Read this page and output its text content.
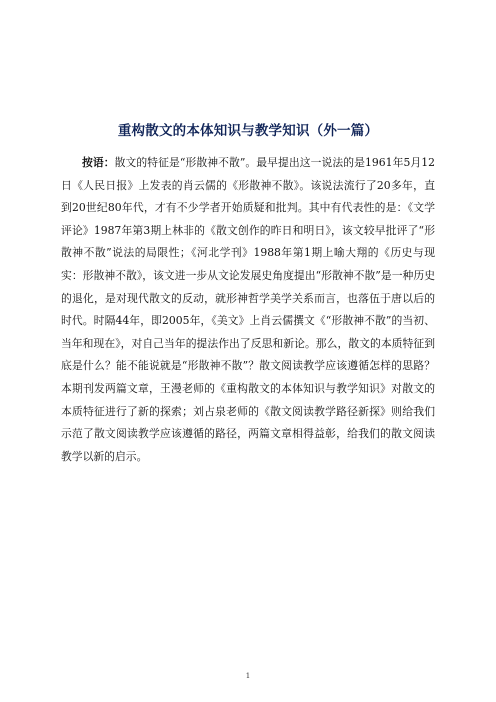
重构散文的本体知识与教学知识（外一篇）

按语：散文的特征是“形散神不散”。最早提出这一说法的是1961年5月12日《人民日报》上发表的肖云儒的《形散神不散》。该说法流行了20多年，直到20世纪80年代，才有不少学者开始质疑和批判。其中有代表性的是：《文学评论》1987年第3期上林非的《散文创作的昨日和明日》，该文较早批评了“形散神不散”说法的局限性；《河北学刊》1988年第1期上喻大翔的《历史与现实：形散神不散》，该文进一步从文论发展史角度提出“形散神不散”是一种历史的退化，是对现代散文的反动，就形神哲学美学关系而言，也落伍于唐以后的时代。时隔44年，即2005年，《美文》上肖云儒撰文《“形散神不散”的当初、当年和现在》，对自己当年的提法作出了反思和新论。那么，散文的本质特征到底是什么？能不能说就是“形散神不散”？散文阅读教学应该遵循怎样的思路？本期刊发两篇文章，王漫老师的《重构散文的本体知识与教学知识》对散文的本质特征进行了新的探索；刘占泉老师的《散文阅读教学路径新探》则给我们示范了散文阅读教学应该遵循的路径，两篇文章相得益彰，给我们的散文阅读教学以新的启示。

1
